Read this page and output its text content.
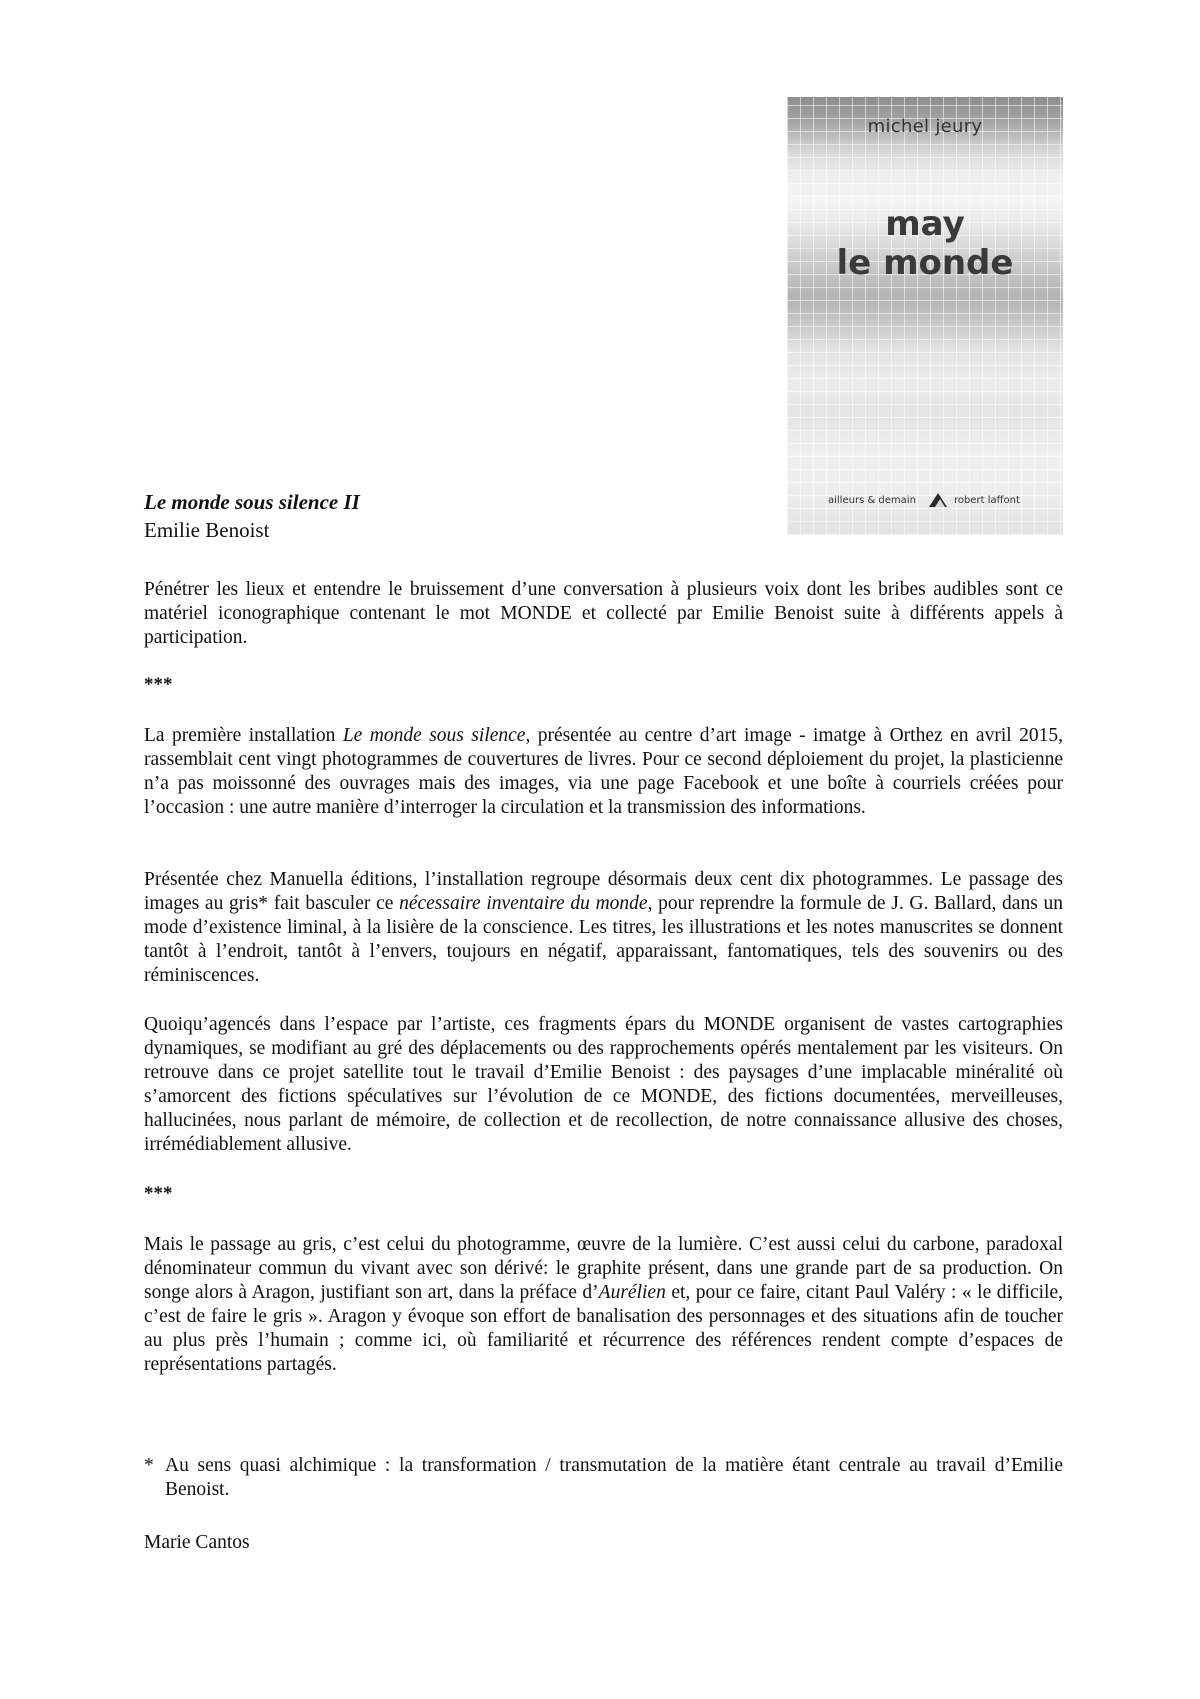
michel jeury
may
le monde
ailleurs & demain	robert laffont
Le monde sous silence II
Emilie Benoist

Pénétrer les lieux et entendre le bruissement d’une conversation à plusieurs voix dont les bribes audibles sont ce matériel iconographique contenant le mot MONDE et collecté par Emilie Benoist suite à différents appels à participation.

***

La première installation Le monde sous silence, présentée au centre d’art image - imatge à Orthez en avril 2015, rassemblait cent vingt photogrammes de couvertures de livres. Pour ce second déploiement du projet, la plasticienne n’a pas moissonné des ouvrages mais des images, via une page Facebook et une boîte à courriels créées pour l’occasion : une autre manière d’interroger la circulation et la transmission des informations.

Présentée chez Manuella éditions, l’installation regroupe désormais deux cent dix photogrammes. Le passage des images au gris* fait basculer ce nécessaire inventaire du monde, pour reprendre la formule de J. G. Ballard, dans un mode d’existence liminal, à la lisière de la conscience. Les titres, les illustrations et les notes manuscrites se donnent tantôt à l’endroit, tantôt à l’envers, toujours en négatif, apparaissant, fantomatiques, tels des souvenirs ou des réminiscences.

Quoiqu’agencés dans l’espace par l’artiste, ces fragments épars du MONDE organisent de vastes cartographies dynamiques, se modifiant au gré des déplacements ou des rapprochements opérés mentalement par les visiteurs. On retrouve dans ce projet satellite tout le travail d’Emilie Benoist : des paysages d’une implacable minéralité où s’amorcent des fictions spéculatives sur l’évolution de ce MONDE, des fictions documentées, merveilleuses, hallucinées, nous parlant de mémoire, de collection et de recollection, de notre connaissance allusive des choses, irrémédiablement allusive.

***

Mais le passage au gris, c’est celui du photogramme, œuvre de la lumière. C’est aussi celui du carbone, paradoxal dénominateur commun du vivant avec son dérivé: le graphite présent, dans une grande part de sa production. On songe alors à Aragon, justifiant son art, dans la préface d’Aurélien et, pour ce faire, citant Paul Valéry : « le difficile, c’est de faire le gris ». Aragon y évoque son effort de banalisation des personnages et des situations afin de toucher au plus près l’humain ; comme ici, où familiarité et récurrence des références rendent compte d’espaces de représentations partagés.

* Au sens quasi alchimique : la transformation / transmutation de la matière étant centrale au travail d’Emilie Benoist.
Marie Cantos
